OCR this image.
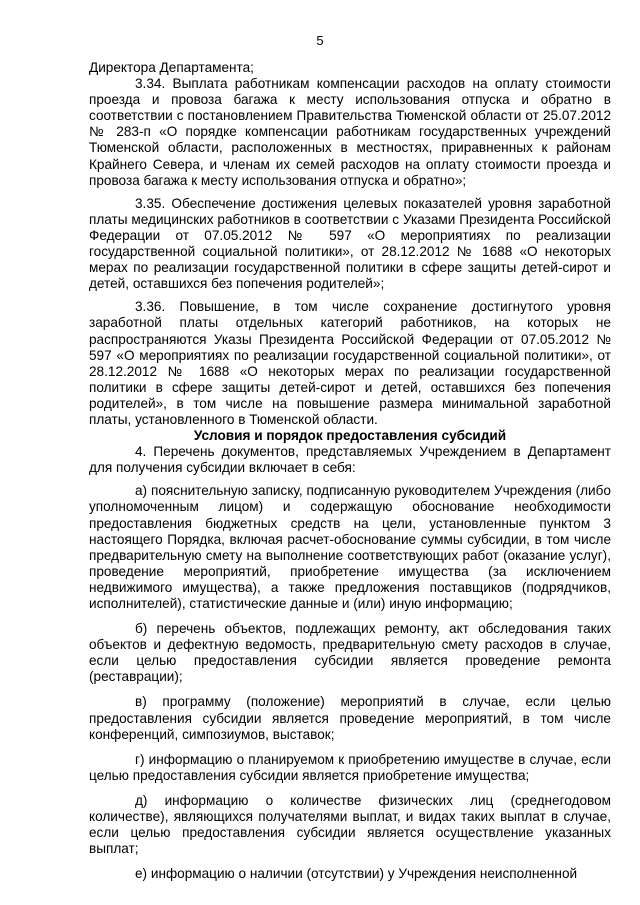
5

Директора Департамента;

3.34. Выплата работникам компенсации расходов на оплату стоимости проезда и провоза багажа к месту использования отпуска и обратно в соответствии с постановлением Правительства Тюменской области от 25.07.2012 № 283-п «О порядке компенсации работникам государственных учреждений Тюменской области, расположенных в местностях, приравненных к районам Крайнего Севера, и членам их семей расходов на оплату стоимости проезда и провоза багажа к месту использования отпуска и обратно»;

3.35. Обеспечение достижения целевых показателей уровня заработной платы медицинских работников в соответствии с Указами Президента Российской Федерации от 07.05.2012 № 597 «О мероприятиях по реализации государственной социальной политики», от 28.12.2012 № 1688 «О некоторых мерах по реализации государственной политики в сфере защиты детей-сирот и детей, оставшихся без попечения родителей»;

3.36. Повышение, в том числе сохранение достигнутого уровня заработной платы отдельных категорий работников, на которых не распространяются Указы Президента Российской Федерации от 07.05.2012 № 597 «О мероприятиях по реализации государственной социальной политики», от 28.12.2012 № 1688 «О некоторых мерах по реализации государственной политики в сфере защиты детей-сирот и детей, оставшихся без попечения родителей», в том числе на повышение размера минимальной заработной платы, установленного в Тюменской области.

Условия и порядок предоставления субсидий

4. Перечень документов, представляемых Учреждением в Департамент для получения субсидии включает в себя:

а) пояснительную записку, подписанную руководителем Учреждения (либо уполномоченным лицом) и содержащую обоснование необходимости предоставления бюджетных средств на цели, установленные пунктом 3 настоящего Порядка, включая расчет-обоснование суммы субсидии, в том числе предварительную смету на выполнение соответствующих работ (оказание услуг), проведение мероприятий, приобретение имущества (за исключением недвижимого имущества), а также предложения поставщиков (подрядчиков, исполнителей), статистические данные и (или) иную информацию;

б) перечень объектов, подлежащих ремонту, акт обследования таких объектов и дефектную ведомость, предварительную смету расходов в случае, если целью предоставления субсидии является проведение ремонта (реставрации);

в) программу (положение) мероприятий в случае, если целью предоставления субсидии является проведение мероприятий, в том числе конференций, симпозиумов, выставок;

г) информацию о планируемом к приобретению имуществе в случае, если целью предоставления субсидии является приобретение имущества;

д) информацию о количестве физических лиц (среднегодовом количестве), являющихся получателями выплат, и видах таких выплат в случае, если целью предоставления субсидии является осуществление указанных выплат;

е) информацию о наличии (отсутствии) у Учреждения неисполненной
